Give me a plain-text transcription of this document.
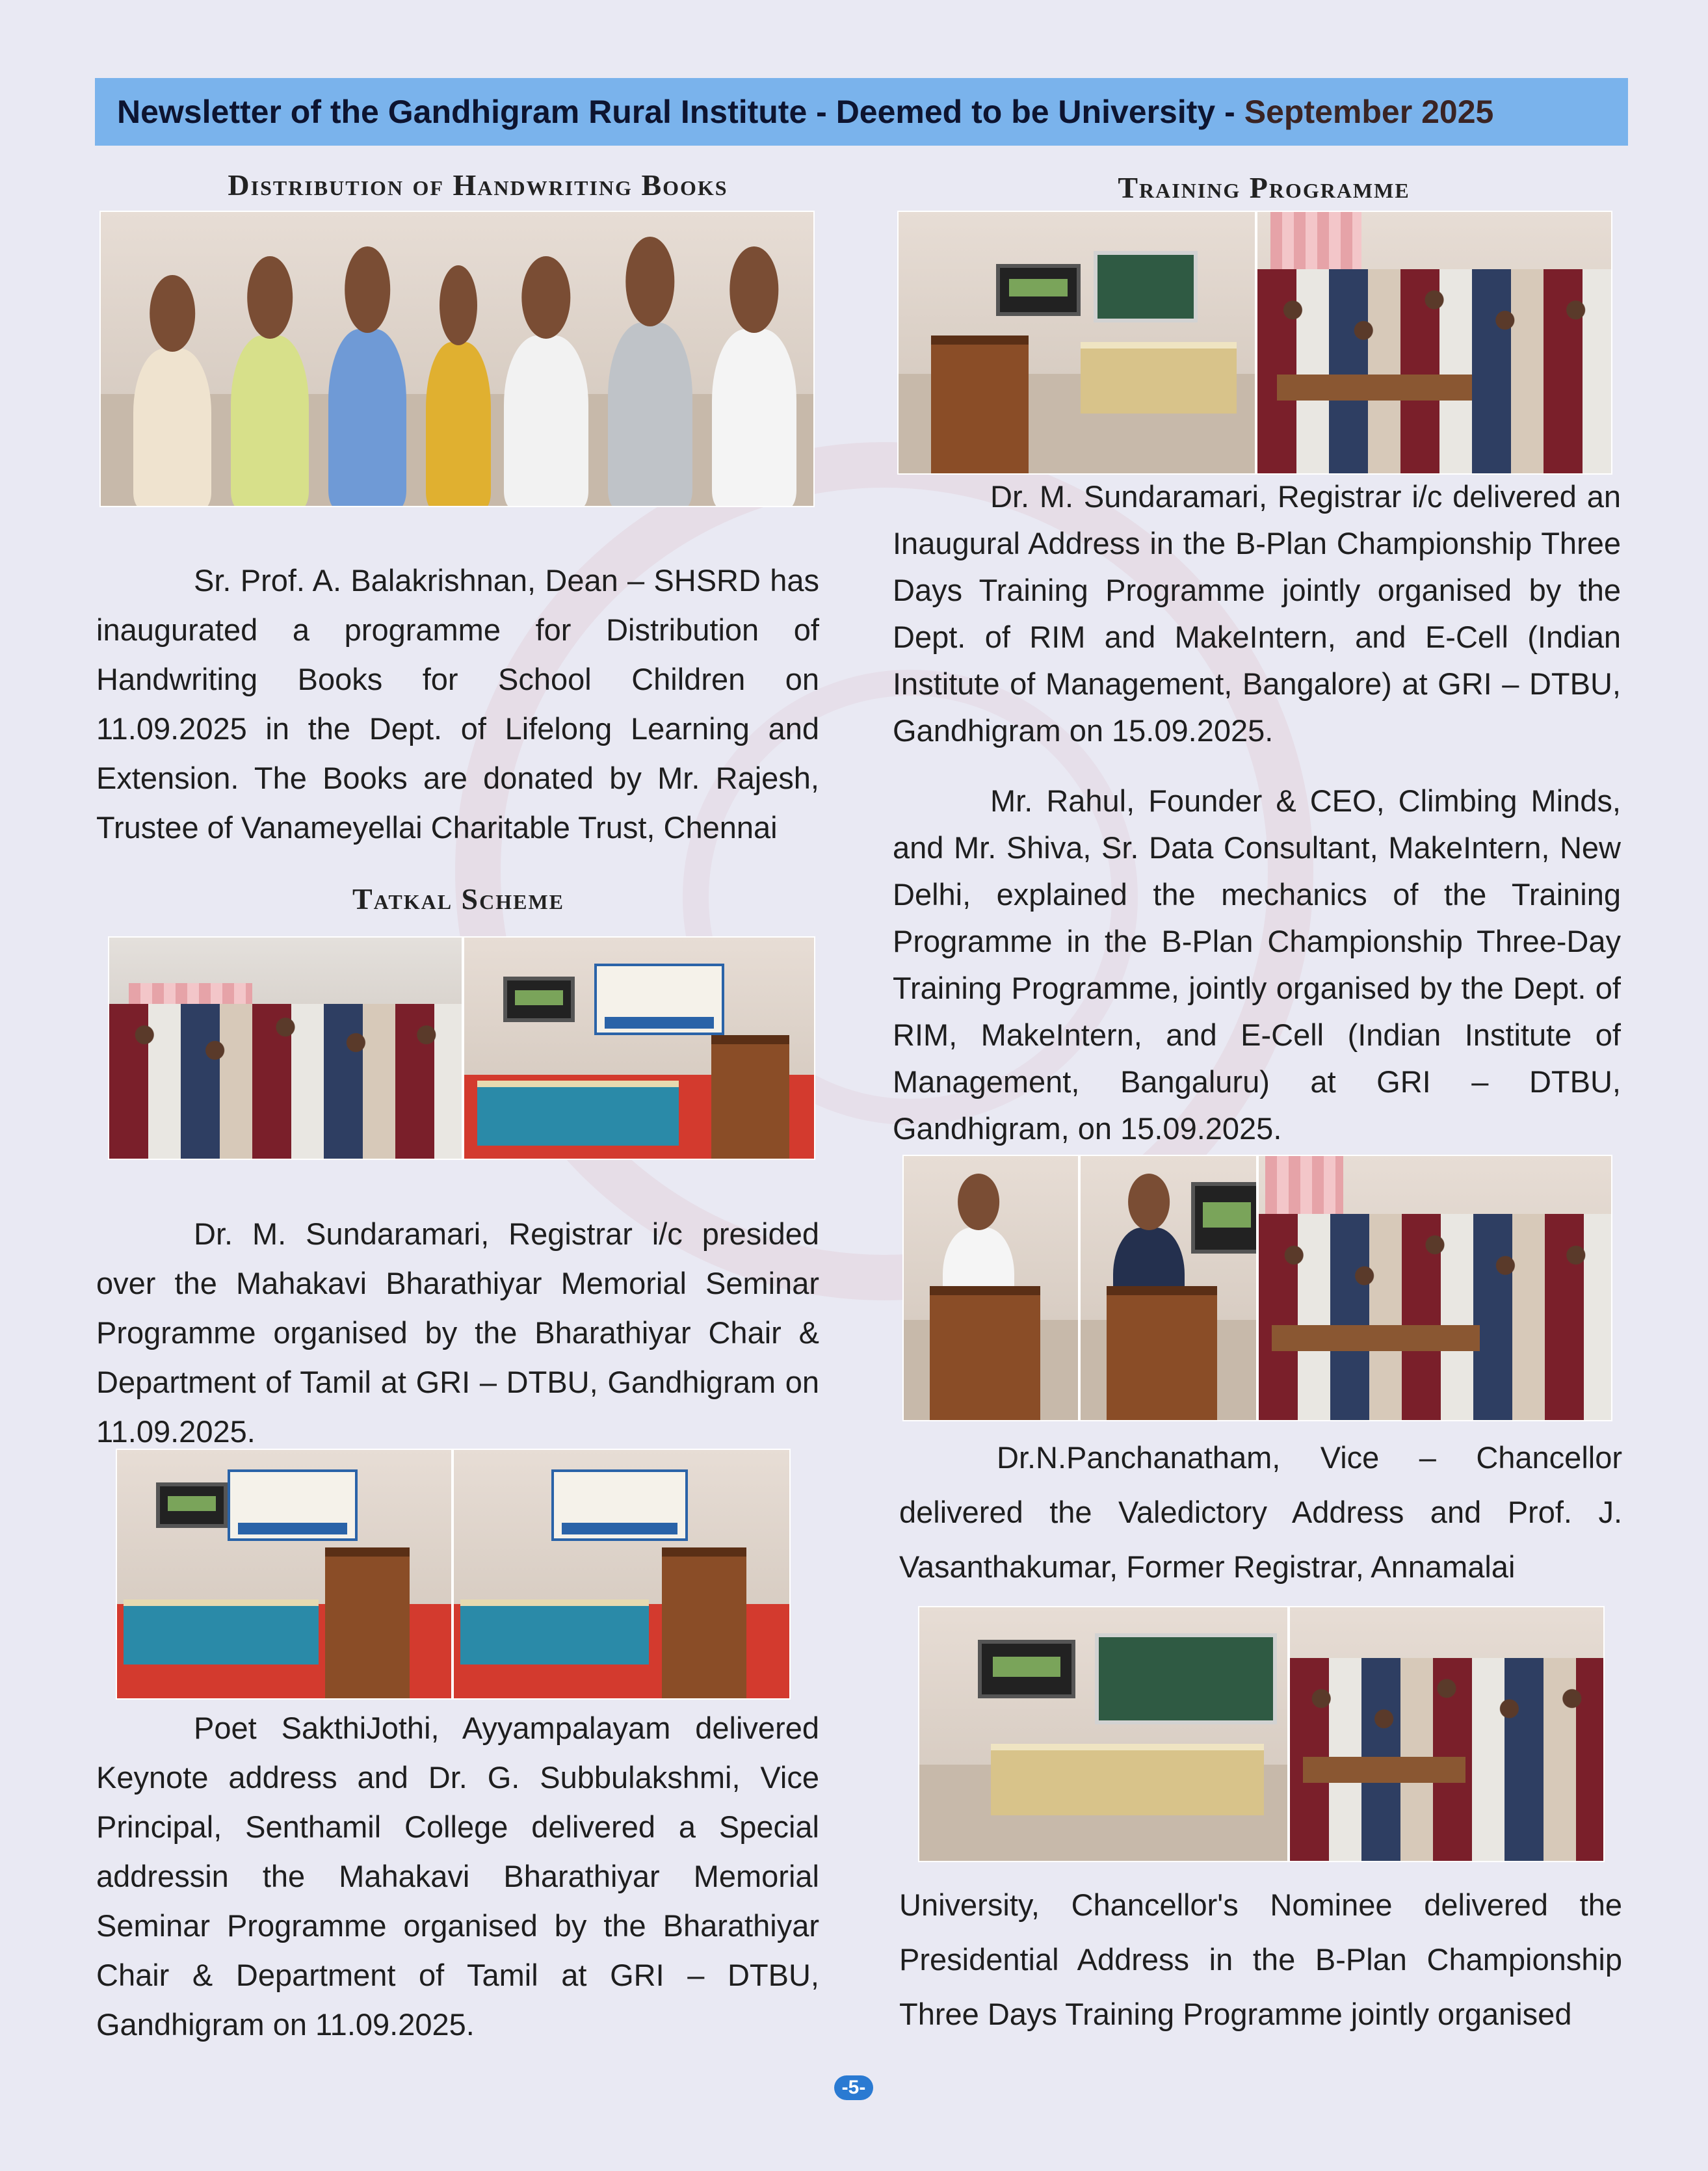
Newsletter of the Gandhigram Rural Institute - Deemed to be University - September 2025
Distribution of Handwriting Books
Sr. Prof. A. Balakrishnan, Dean – SHSRD has inaugurated a programme for Distribution of Handwriting Books for School Children on 11.09.2025 in the Dept. of Lifelong Learning and Extension. The Books are donated by Mr. Rajesh, Trustee of Vanameyellai Charitable Trust, Chennai
Tatkal Scheme
Dr. M. Sundaramari, Registrar i/c presided over the Mahakavi Bharathiyar Memorial Seminar Programme organised by the Bharathiyar Chair & Department of Tamil at GRI – DTBU, Gandhigram on 11.09.2025.
Poet SakthiJothi, Ayyampalayam delivered Keynote address and Dr. G. Subbulakshmi, Vice Principal, Senthamil College delivered a Special addressin the Mahakavi Bharathiyar Memorial Seminar Programme organised by the Bharathiyar Chair & Department of Tamil at GRI – DTBU, Gandhigram on 11.09.2025.
Training Programme
Dr. M. Sundaramari, Registrar i/c delivered an Inaugural Address in the B-Plan Championship Three Days Training Programme jointly organised by the Dept. of RIM and MakeIntern, and E-Cell (Indian Institute of Management, Bangalore) at GRI – DTBU, Gandhigram on 15.09.2025.
Mr. Rahul, Founder & CEO, Climbing Minds, and Mr. Shiva, Sr. Data Consultant, MakeIntern, New Delhi, explained the mechanics of the Training Programme in the B-Plan Championship Three-Day Training Programme, jointly organised by the Dept. of RIM, MakeIntern, and E-Cell (Indian Institute of Management, Bangaluru) at GRI – DTBU, Gandhigram, on 15.09.2025.
Dr.N.Panchanatham, Vice – Chancellor delivered the Valedictory Address and Prof. J. Vasanthakumar, Former Registrar, Annamalai
University, Chancellor's Nominee delivered the Presidential Address in the B-Plan Championship Three Days Training Programme jointly organised
-5-
